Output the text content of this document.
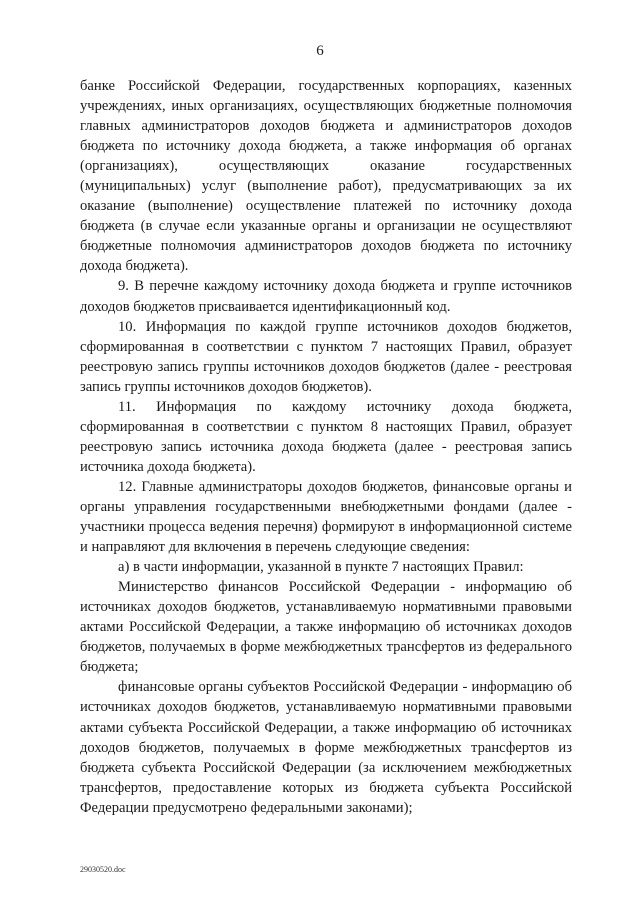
6

банке Российской Федерации, государственных корпорациях, казенных учреждениях, иных организациях, осуществляющих бюджетные полномочия главных администраторов доходов бюджета и администраторов доходов бюджета по источнику дохода бюджета, а также информация об органах (организациях), осуществляющих оказание государственных (муниципальных) услуг (выполнение работ), предусматривающих за их оказание (выполнение) осуществление платежей по источнику дохода бюджета (в случае если указанные органы и организации не осуществляют бюджетные полномочия администраторов доходов бюджета по источнику дохода бюджета).

9. В перечне каждому источнику дохода бюджета и группе источников доходов бюджетов присваивается идентификационный код.

10. Информация по каждой группе источников доходов бюджетов, сформированная в соответствии с пунктом 7 настоящих Правил, образует реестровую запись группы источников доходов бюджетов (далее - реестровая запись группы источников доходов бюджетов).

11. Информация по каждому источнику дохода бюджета, сформированная в соответствии с пунктом 8 настоящих Правил, образует реестровую запись источника дохода бюджета (далее - реестровая запись источника дохода бюджета).

12. Главные администраторы доходов бюджетов, финансовые органы и органы управления государственными внебюджетными фондами (далее - участники процесса ведения перечня) формируют в информационной системе и направляют для включения в перечень следующие сведения:

а) в части информации, указанной в пункте 7 настоящих Правил:

Министерство финансов Российской Федерации - информацию об источниках доходов бюджетов, устанавливаемую нормативными правовыми актами Российской Федерации, а также информацию об источниках доходов бюджетов, получаемых в форме межбюджетных трансфертов из федерального бюджета;

финансовые органы субъектов Российской Федерации - информацию об источниках доходов бюджетов, устанавливаемую нормативными правовыми актами субъекта Российской Федерации, а также информацию об источниках доходов бюджетов, получаемых в форме межбюджетных трансфертов из бюджета субъекта Российской Федерации (за исключением межбюджетных трансфертов, предоставление которых из бюджета субъекта Российской Федерации предусмотрено федеральными законами);

29030520.doc
